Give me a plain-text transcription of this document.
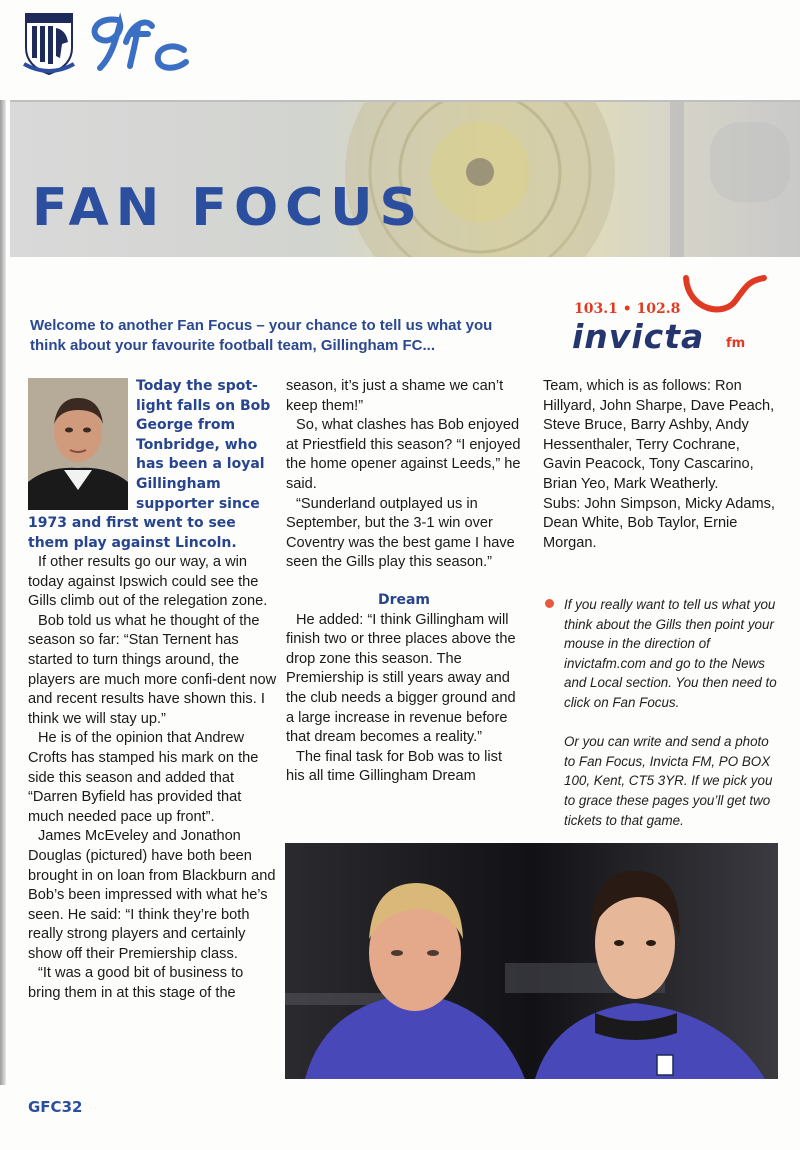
FAN FOCUS
Welcome to another Fan Focus – your chance to tell us what you think about your favourite football team, Gillingham FC...
103.1 • 102.8
invicta fm
Today the spot-
light falls on Bob
George from
Tonbridge, who
has been a loyal
Gillingham
supporter since
1973 and first went to see
them play against Lincoln.

If other results go our way, a win today against Ipswich could see the Gills climb out of the relegation zone.

Bob told us what he thought of the season so far: “Stan Ternent has started to turn things around, the players are much more confi-dent now and recent results have shown this. I think we will stay up.”

He is of the opinion that Andrew Crofts has stamped his mark on the side this season and added that “Darren Byfield has provided that much needed pace up front”.

James McEveley and Jonathon Douglas (pictured) have both been brought in on loan from Blackburn and Bob’s been impressed with what he’s seen. He said: “I think they’re both really strong players and certainly show off their Premiership class.

“It was a good bit of business to bring them in at this stage of the

season, it’s just a shame we can’t keep them!”

So, what clashes has Bob enjoyed at Priestfield this season? “I enjoyed the home opener against Leeds,” he said.

“Sunderland outplayed us in September, but the 3-1 win over Coventry was the best game I have seen the Gills play this season.”

Dream

He added: “I think Gillingham will finish two or three places above the drop zone this season. The Premiership is still years away and the club needs a bigger ground and a large increase in revenue before that dream becomes a reality.”

The final task for Bob was to list his all time Gillingham Dream

Team, which is as follows: Ron Hillyard, John Sharpe, Dave Peach, Steve Bruce, Barry Ashby, Andy Hessenthaler, Terry Cochrane, Gavin Peacock, Tony Cascarino, Brian Yeo, Mark Weatherly.

Subs: John Simpson, Micky Adams, Dean White, Bob Taylor, Ernie Morgan.

If you really want to tell us what you think about the Gills then point your mouse in the direction of invictafm.com and go to the News and Local section. You then need to click on Fan Focus.

Or you can write and send a photo to Fan Focus, Invicta FM, PO BOX 100, Kent, CT5 3YR. If we pick you to grace these pages you’ll get two tickets to that game.

GFC32
